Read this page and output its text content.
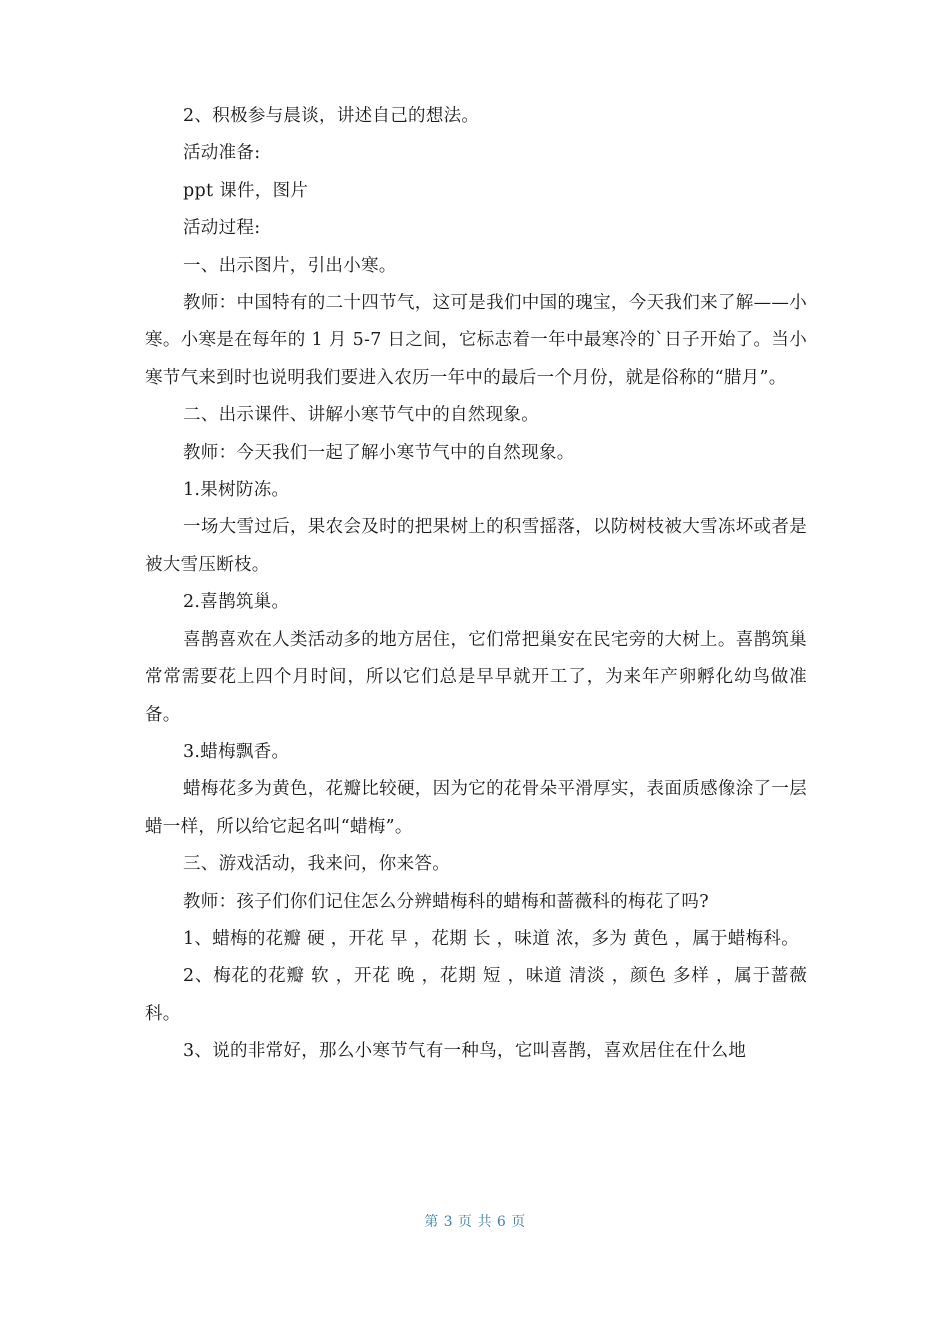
2、积极参与晨谈，讲述自己的想法。

活动准备:

ppt 课件，图片

活动过程:

一、出示图片，引出小寒。

教师：中国特有的二十四节气，这可是我们中国的瑰宝，今天我们来了解——小寒。小寒是在每年的 1 月 5-7 日之间，它标志着一年中最寒冷的`日子开始了。当小寒节气来到时也说明我们要进入农历一年中的最后一个月份，就是俗称的“腊月”。

二、出示课件、讲解小寒节气中的自然现象。

教师：今天我们一起了解小寒节气中的自然现象。

1.果树防冻。

一场大雪过后，果农会及时的把果树上的积雪摇落，以防树枝被大雪冻坏或者是被大雪压断枝。

2.喜鹊筑巢。

喜鹊喜欢在人类活动多的地方居住，它们常把巢安在民宅旁的大树上。喜鹊筑巢常常需要花上四个月时间，所以它们总是早早就开工了，为来年产卵孵化幼鸟做准备。

3.蜡梅飘香。

蜡梅花多为黄色，花瓣比较硬，因为它的花骨朵平滑厚实，表面质感像涂了一层蜡一样，所以给它起名叫“蜡梅”。

三、游戏活动，我来问，你来答。

教师：孩子们你们记住怎么分辨蜡梅科的蜡梅和蔷薇科的梅花了吗?

1、蜡梅的花瓣 硬 ，开花 早 ，花期 长 ，味道 浓，多为 黄色 ，属于蜡梅科。

2、梅花的花瓣 软 ，开花 晚 ，花期 短 ，味道 清淡 ，颜色 多样 ，属于蔷薇科。

3、说的非常好，那么小寒节气有一种鸟，它叫喜鹊，喜欢居住在什么地

第 3 页 共 6 页
